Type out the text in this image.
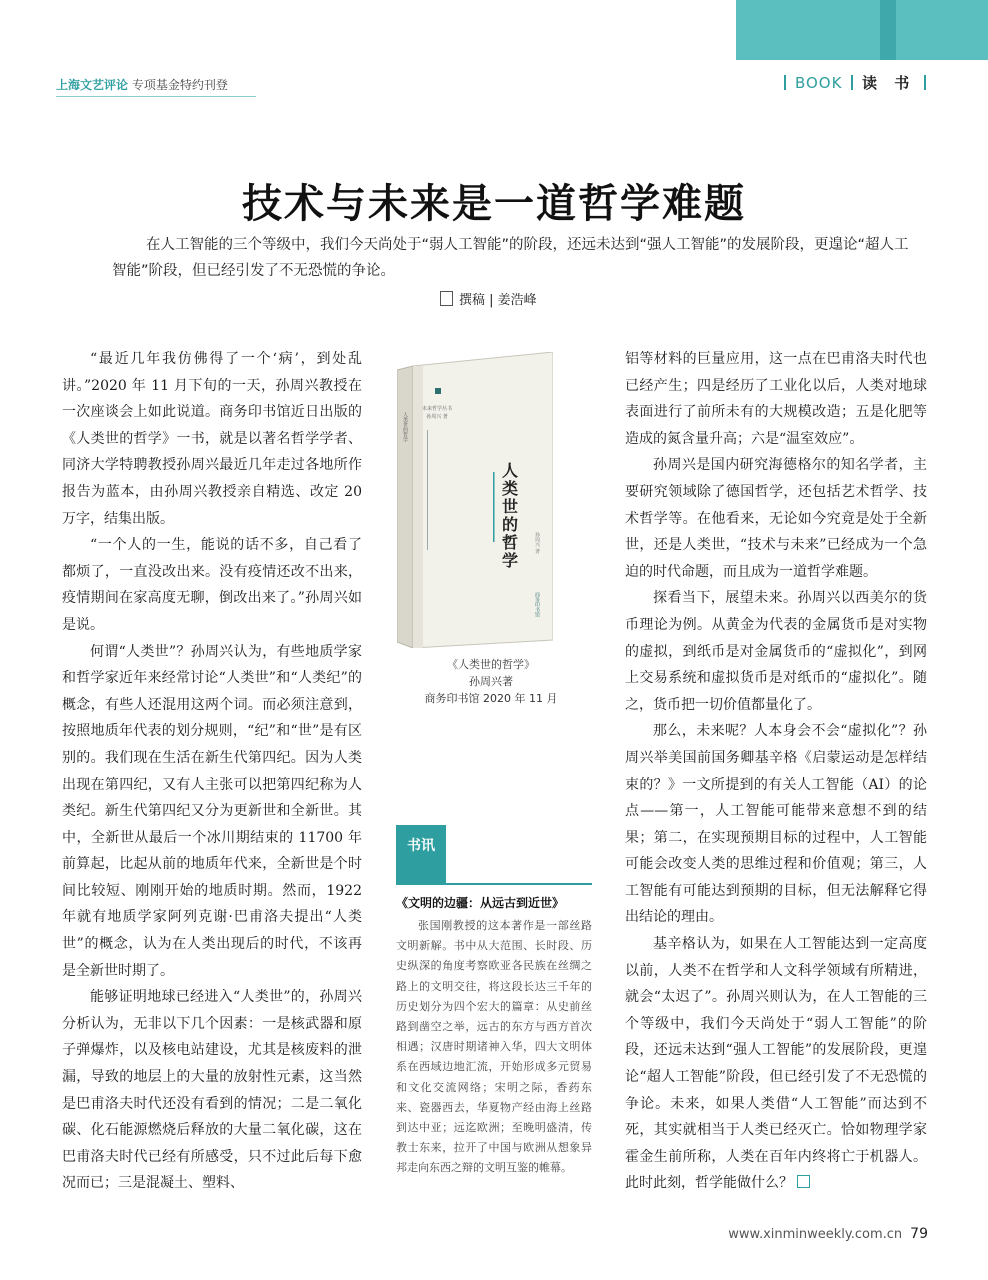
上海文艺评论 专项基金特约刊登	BOOK 读 书
技术与未来是一道哲学难题
在人工智能的三个等级中，我们今天尚处于“弱人工智能”的阶段，还远未达到“强人工智能”的发展阶段，更遑论“超人工智能”阶段，但已经引发了不无恐慌的争论。
撰稿 | 姜浩峰

“最近几年我仿佛得了一个‘病’，到处乱讲。”2020 年 11 月下旬的一天，孙周兴教授在一次座谈会上如此说道。商务印书馆近日出版的《人类世的哲学》一书，就是以著名哲学学者、同济大学特聘教授孙周兴最近几年走过各地所作报告为蓝本，由孙周兴教授亲自精选、改定 20 万字，结集出版。

“一个人的一生，能说的话不多，自己看了都烦了，一直没改出来。没有疫情还改不出来，疫情期间在家高度无聊，倒改出来了。”孙周兴如是说。

何谓“人类世”？孙周兴认为，有些地质学家和哲学家近年来经常讨论“人类世”和“人类纪”的概念，有些人还混用这两个词。而必须注意到，按照地质年代表的划分规则，“纪”和“世”是有区别的。我们现在生活在新生代第四纪。因为人类出现在第四纪，又有人主张可以把第四纪称为人类纪。新生代第四纪又分为更新世和全新世。其中，全新世从最后一个冰川期结束的 11700 年前算起，比起从前的地质年代来，全新世是个时间比较短、刚刚开始的地质时期。然而，1922 年就有地质学家阿列克谢·巴甫洛夫提出“人类世”的概念，认为在人类出现后的时代，不该再是全新世时期了。

能够证明地球已经进入“人类世”的，孙周兴分析认为，无非以下几个因素：一是核武器和原子弹爆炸，以及核电站建设，尤其是核废料的泄漏，导致的地层上的大量的放射性元素，这当然是巴甫洛夫时代还没有看到的情况；二是二氧化碳、化石能源燃烧后释放的大量二氧化碳，这在巴甫洛夫时代已经有所感受，只不过此后每下愈况而已；三是混凝土、塑料、

未来哲学丛书
孙周兴 著
人类世的哲学	孙周兴 著
商务印书馆
人类世的哲学
《人类世的哲学》
孙周兴著
商务印书馆 2020 年 11 月
书讯
《文明的边疆：从远古到近世》

张国刚教授的这本著作是一部丝路文明新解。书中从大范围、长时段、历史纵深的角度考察欧亚各民族在丝绸之路上的文明交往，将这段长达三千年的历史划分为四个宏大的篇章：从史前丝路到凿空之举，远古的东方与西方首次相遇；汉唐时期诸神入华，四大文明体系在西域边地汇流，开始形成多元贸易和文化交流网络；宋明之际，香药东来、瓷器西去，华夏物产经由海上丝路到达中亚；远迄欧洲；至晚明盛清，传教士东来，拉开了中国与欧洲从想象异邦走向东西之辩的文明互鉴的帷幕。

铝等材料的巨量应用，这一点在巴甫洛夫时代也已经产生；四是经历了工业化以后，人类对地球表面进行了前所未有的大规模改造；五是化肥等造成的氮含量升高；六是“温室效应”。

孙周兴是国内研究海德格尔的知名学者，主要研究领域除了德国哲学，还包括艺术哲学、技术哲学等。在他看来，无论如今究竟是处于全新世，还是人类世，“技术与未来”已经成为一个急迫的时代命题，而且成为一道哲学难题。

探看当下，展望未来。孙周兴以西美尔的货币理论为例。从黄金为代表的金属货币是对实物的虚拟，到纸币是对金属货币的“虚拟化”，到网上交易系统和虚拟货币是对纸币的“虚拟化”。随之，货币把一切价值都量化了。

那么，未来呢？人本身会不会“虚拟化”？孙周兴举美国前国务卿基辛格《启蒙运动是怎样结束的？》一文所提到的有关人工智能（AI）的论点——第一，人工智能可能带来意想不到的结果；第二，在实现预期目标的过程中，人工智能可能会改变人类的思维过程和价值观；第三，人工智能有可能达到预期的目标，但无法解释它得出结论的理由。

基辛格认为，如果在人工智能达到一定高度以前，人类不在哲学和人文科学领域有所精进，就会“太迟了”。孙周兴则认为，在人工智能的三个等级中，我们今天尚处于“弱人工智能”的阶段，还远未达到“强人工智能”的发展阶段，更遑论“超人工智能”阶段，但已经引发了不无恐慌的争论。未来，如果人类借“人工智能”而达到不死，其实就相当于人类已经灭亡。恰如物理学家霍金生前所称，人类在百年内终将亡于机器人。此时此刻，哲学能做什么？

www.xinminweekly.com.cn 79
